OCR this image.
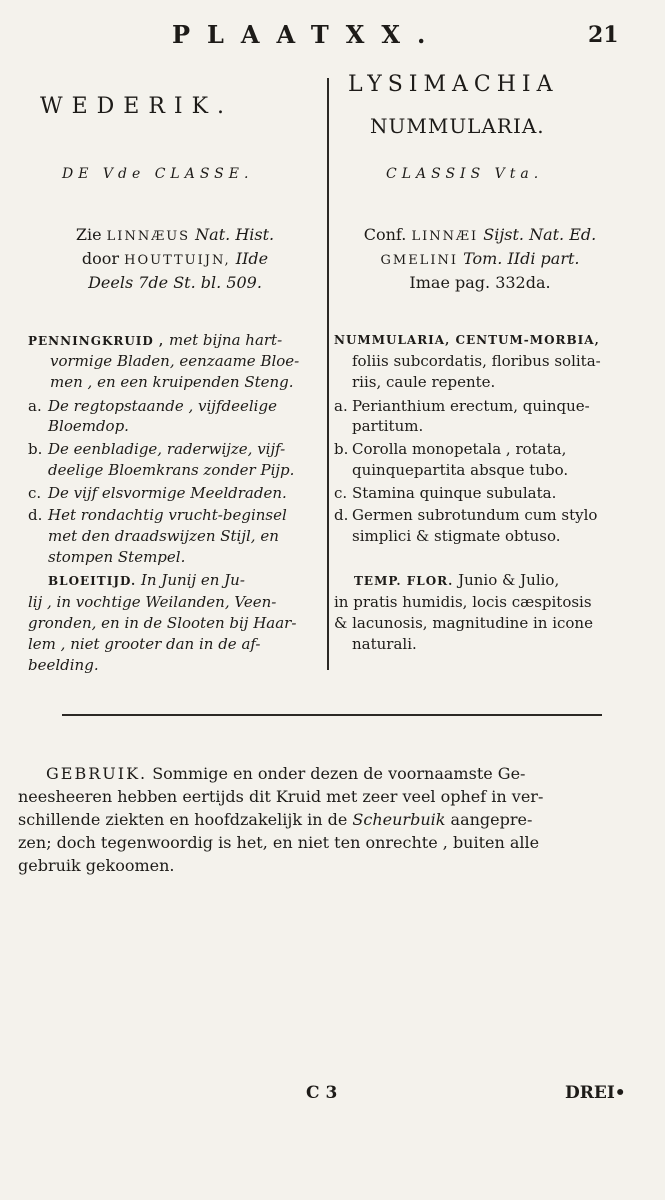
PLAATXX.	21
WEDERIK.
LYSIMACHIA
NUMMULARIA.
DE Vde CLASSE.	CLASSIS Vta.
Zie LINNÆUS Nat. Hist.
door HOUTTUIJN, IIde
Deels 7de St. bl. 509.
Conf. LINNÆI Sijst. Nat. Ed.
GMELINI Tom. IIdi part.
Imae pag. 332da.
PENNINGKRUID , met bijna hart-
vormige Bladen, eenzaame Bloe-
men , en een kruipenden Steng.
a. De regtopstaande , vijfdeelige
Bloemdop.
b. De eenbladige, raderwijze, vijf-
deelige Bloemkrans zonder Pijp.
c. De vijf elsvormige Meeldraden.
d. Het rondachtig vrucht-beginsel
met den draadswijzen Stijl, en
stompen Stempel.
BLOEITIJD. In Junij en Ju-
lij , in vochtige Weilanden, Veen-
gronden, en in de Slooten bij Haar-
lem , niet grooter dan in de af-
beelding.
NUMMULARIA, CENTUM-MORBIA,
foliis subcordatis, floribus solita-
riis, caule repente.
a. Perianthium erectum, quinque-
partitum.
b. Corolla monopetala , rotata,
quinquepartita absque tubo.
c. Stamina quinque subulata.
d. Germen subrotundum cum stylo
simplici & stigmate obtuso.
TEMP. FLOR. Junio & Julio,
in pratis humidis, locis cæspitosis
& lacunosis, magnitudine in icone
naturali.
GEBRUIK. Sommige en onder dezen de voornaamste Ge-
neesheeren hebben eertijds dit Kruid met zeer veel ophef in ver-
schillende ziekten en hoofdzakelijk in de Scheurbuik aangepre-
zen; doch tegenwoordig is het, en niet ten onrechte , buiten alle
gebruik gekoomen.
C 3	DREI•
